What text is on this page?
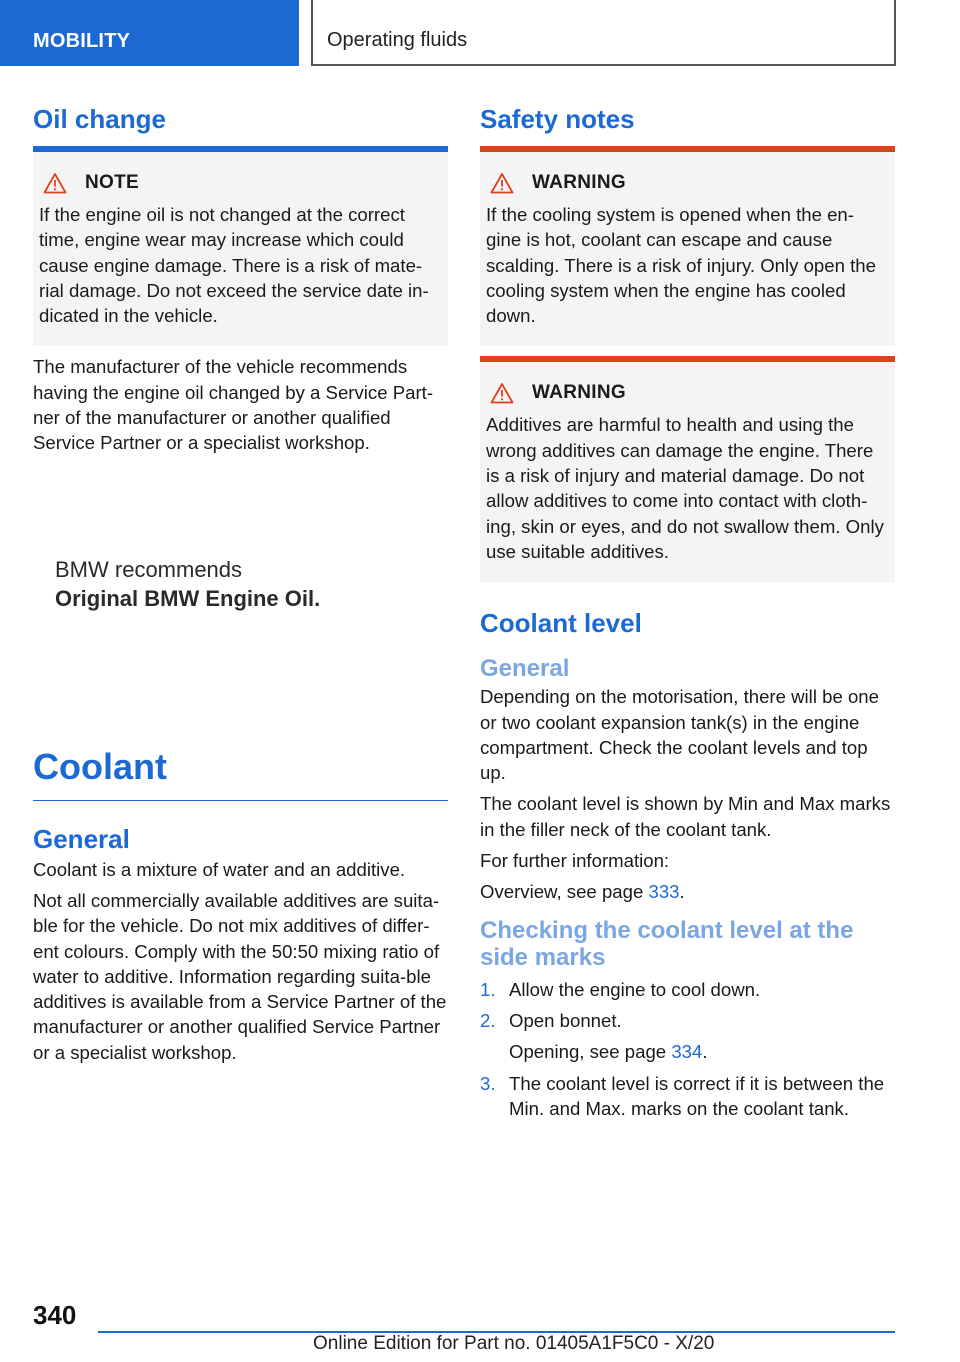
MOBILITY	Operating fluids
Oil change
NOTE
If the engine oil is not changed at the correct time, engine wear may increase which could cause engine damage. There is a risk of mate-rial damage. Do not exceed the service date in-dicated in the vehicle.

The manufacturer of the vehicle recommends having the engine oil changed by a Service Part-ner of the manufacturer or another qualified Service Partner or a specialist workshop.

BMW recommends
Original BMW Engine Oil.
Coolant
General

Coolant is a mixture of water and an additive.

Not all commercially available additives are suita-ble for the vehicle. Do not mix additives of differ-ent colours. Comply with the 50:50 mixing ratio of water to additive. Information regarding suita-ble additives is available from a Service Partner of the manufacturer or another qualified Service Partner or a specialist workshop.

Safety notes
WARNING
If the cooling system is opened when the en-gine is hot, coolant can escape and cause scalding. There is a risk of injury. Only open the cooling system when the engine has cooled down.
WARNING
Additives are harmful to health and using the wrong additives can damage the engine. There is a risk of injury and material damage. Do not allow additives to come into contact with cloth-ing, skin or eyes, and do not swallow them. Only use suitable additives.
Coolant level
General

Depending on the motorisation, there will be one or two coolant expansion tank(s) in the engine compartment. Check the coolant levels and top up.

The coolant level is shown by Min and Max marks in the filler neck of the coolant tank.

For further information:

Overview, see page 333.

Checking the coolant level at the side marks
1. Allow the engine to cool down.
2. Open bonnet.
Opening, see page 334.
3. The coolant level is correct if it is between the Min. and Max. marks on the coolant tank.
340
Online Edition for Part no. 01405A1F5C0 - X/20
